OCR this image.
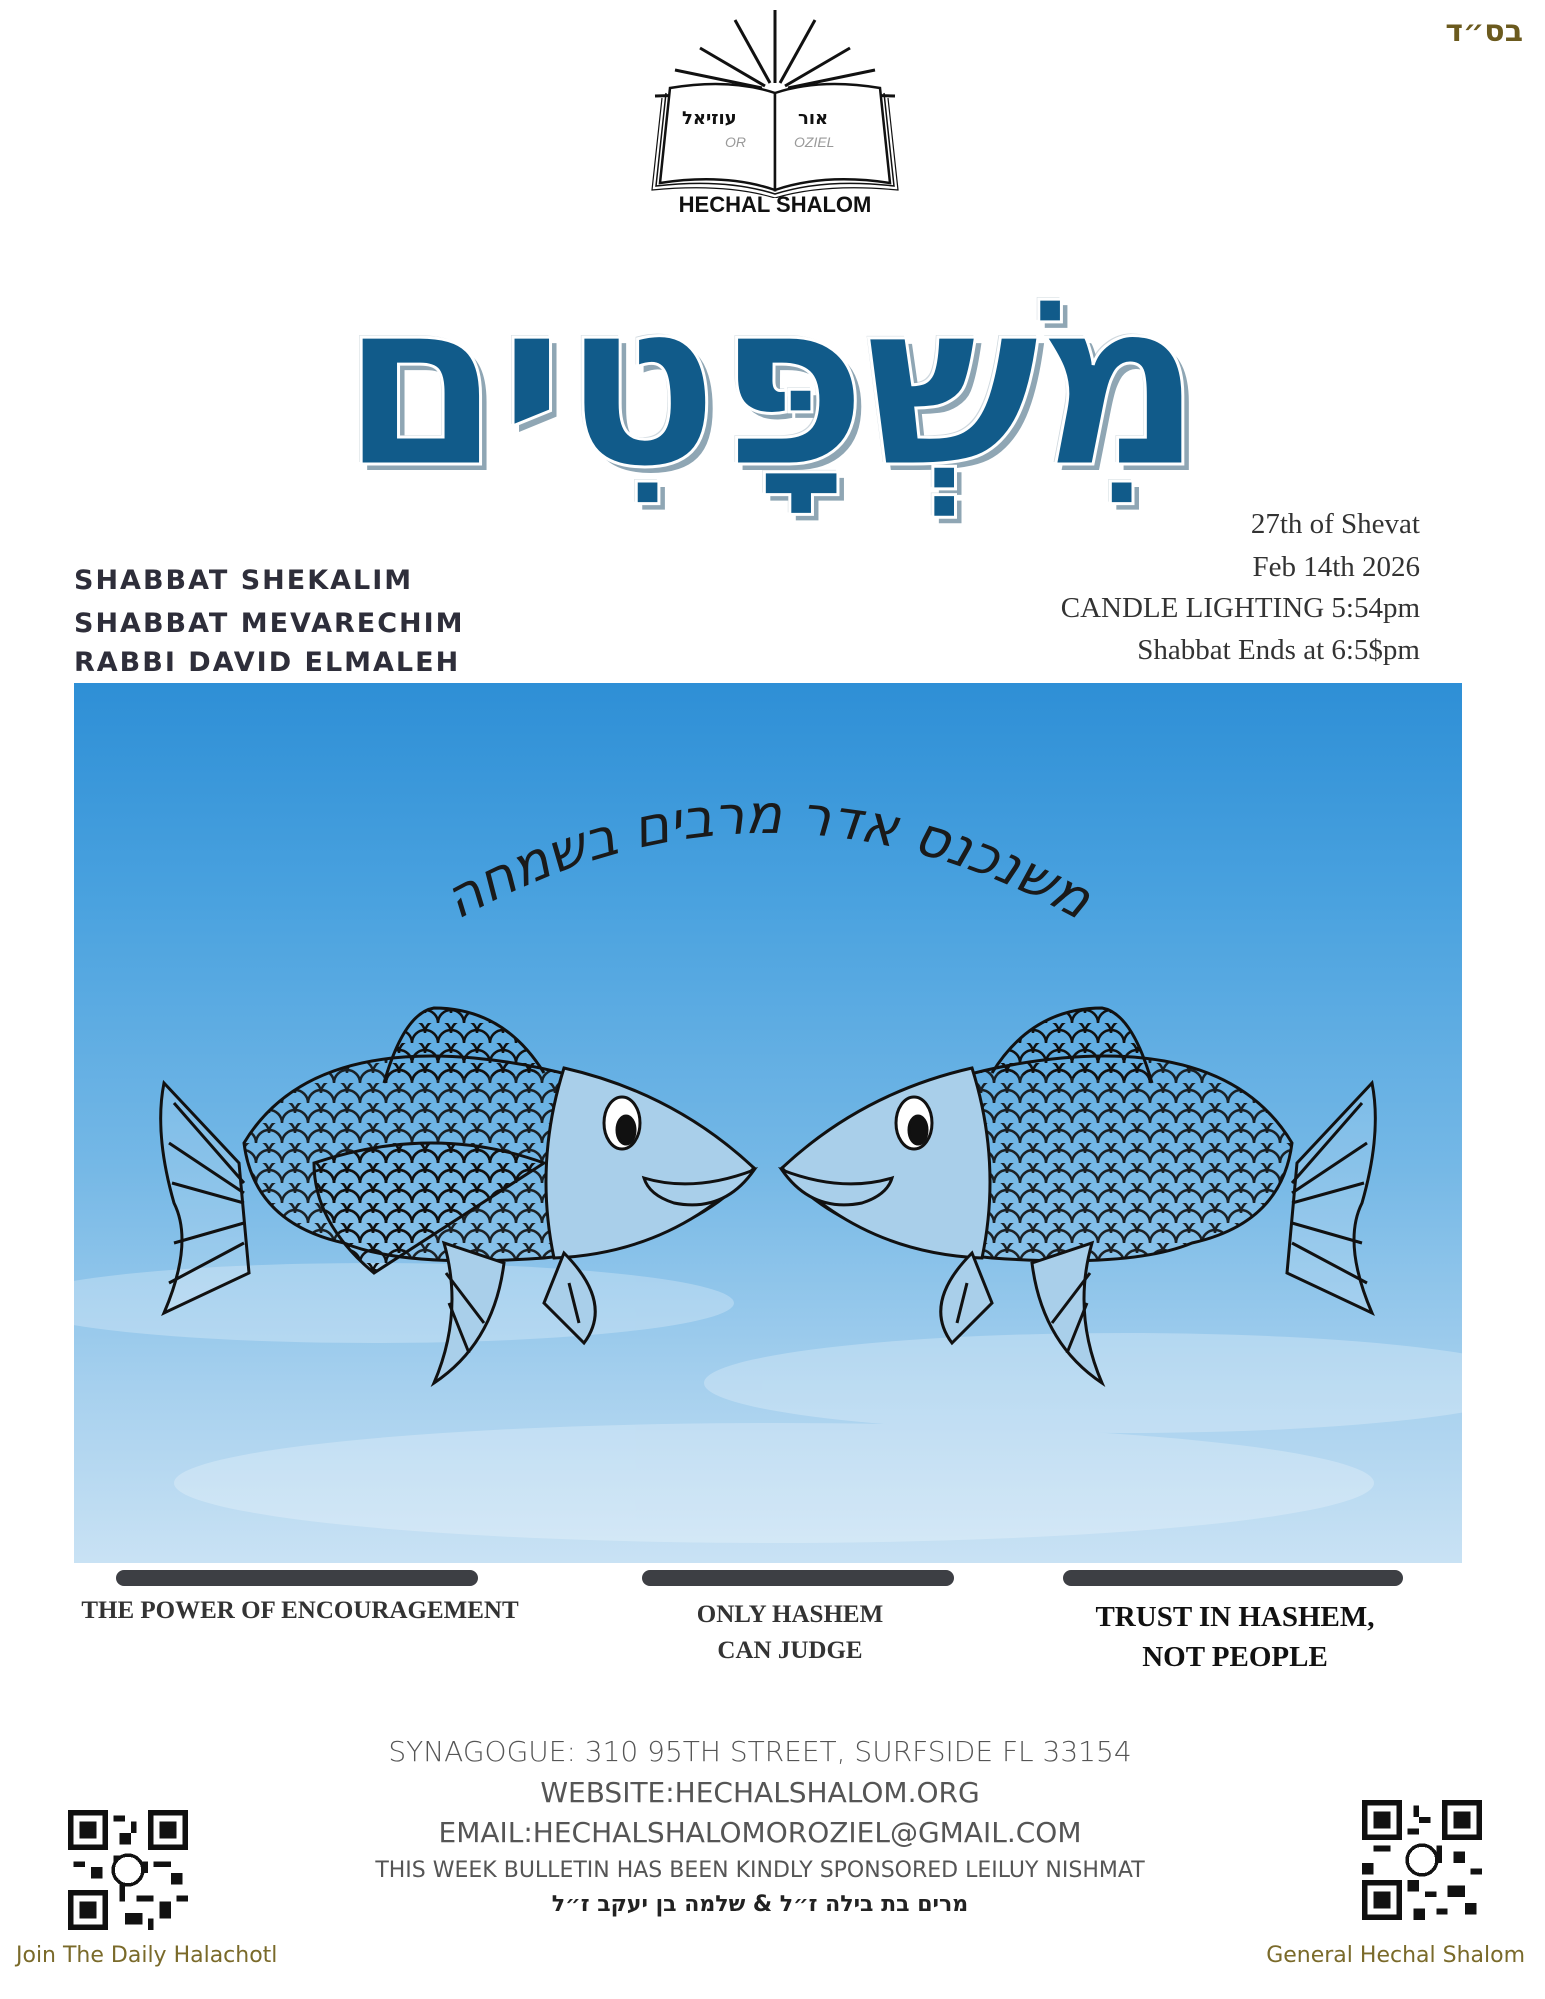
בס״ד
עוזיאל	אור
OR	OZIEL
HECHAL SHALOM
מִשְׁפָּטִים
SHABBAT SHEKALIM
SHABBAT MEVARECHIM
RABBI DAVID ELMALEH
27th of Shevat
Feb 14th 2026
CANDLE LIGHTING 5:54pm
Shabbat Ends at 6:5$pm
משנכנס אדר מרבים בשמחה
THE POWER OF ENCOURAGEMENT	ONLY HASHEM
CAN JUDGE
TRUST IN HASHEM,
NOT PEOPLE
SYNAGOGUE: 310 95TH STREET, SURFSIDE FL 33154
WEBSITE:HECHALSHALOM.ORG
EMAIL:HECHALSHALOMOROZIEL@GMAIL.COM
THIS WEEK BULLETIN HAS BEEN KINDLY SPONSORED LEILUY NISHMAT
מרים בת בילה ז״ל & שלמה בן יעקב ז״ל
Join The Daily Halachotl	General Hechal Shalom
